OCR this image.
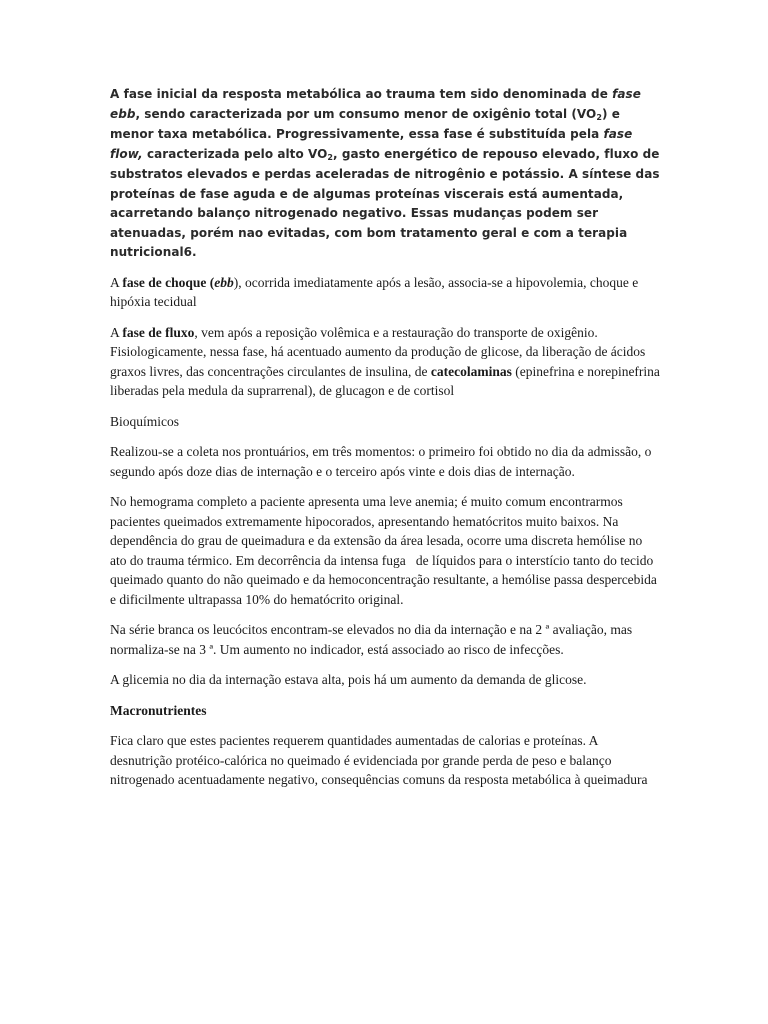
A fase inicial da resposta metabólica ao trauma tem sido denominada de fase ebb, sendo caracterizada por um consumo menor de oxigênio total $(VO_2)$ e menor taxa metabólica. Progressivamente, essa fase é substituída pela fase flow, caracterizada pelo alto $VO_2$, gasto energético de repouso elevado, fluxo de substratos elevados e perdas aceleradas de nitrogênio e potássio. A síntese das proteínas de fase aguda e de algumas proteínas viscerais está aumentada, acarretando balanço nitrogenado negativo. Essas mudanças podem ser atenuadas, porém nao evitadas, com bom tratamento geral e com a terapia nutricional6.

A fase de choque (ebb), ocorrida imediatamente após a lesão, associa-se a hipovolemia, choque e hipóxia tecidual

A fase de fluxo, vem após a reposição volêmica e a restauração do transporte de oxigênio. Fisiologicamente, nessa fase, há acentuado aumento da produção de glicose, da liberação de ácidos graxos livres, das concentrações circulantes de insulina, de catecolaminas (epinefrina e norepinefrina liberadas pela medula da suprarrenal), de glucagon e de cortisol

Bioquímicos

Realizou-se a coleta nos prontuários, em três momentos: o primeiro foi obtido no dia da admissão, o segundo após doze dias de internação e o terceiro após vinte e dois dias de internação.

No hemograma completo a paciente apresenta uma leve anemia; é muito comum encontrarmos pacientes queimados extremamente hipocorados, apresentando hematócritos muito baixos. Na dependência do grau de queimadura e da extensão da área lesada, ocorre uma discreta hemólise no ato do trauma térmico. Em decorrência da intensa fuga   de líquidos para o interstício tanto do tecido queimado quanto do não queimado e da hemoconcentração resultante, a hemólise passa despercebida e dificilmente ultrapassa 10% do hematócrito original.

Na série branca os leucócitos encontram-se elevados no dia da internação e na 2 ª avaliação, mas normaliza-se na 3 ª. Um aumento no indicador, está associado ao risco de infecções.

A glicemia no dia da internação estava alta, pois há um aumento da demanda de glicose.

Macronutrientes

Fica claro que estes pacientes requerem quantidades aumentadas de calorias e proteínas. A desnutrição protéico-calórica no queimado é evidenciada por grande perda de peso e balanço nitrogenado acentuadamente negativo, consequências comuns da resposta metabólica à queimadura
